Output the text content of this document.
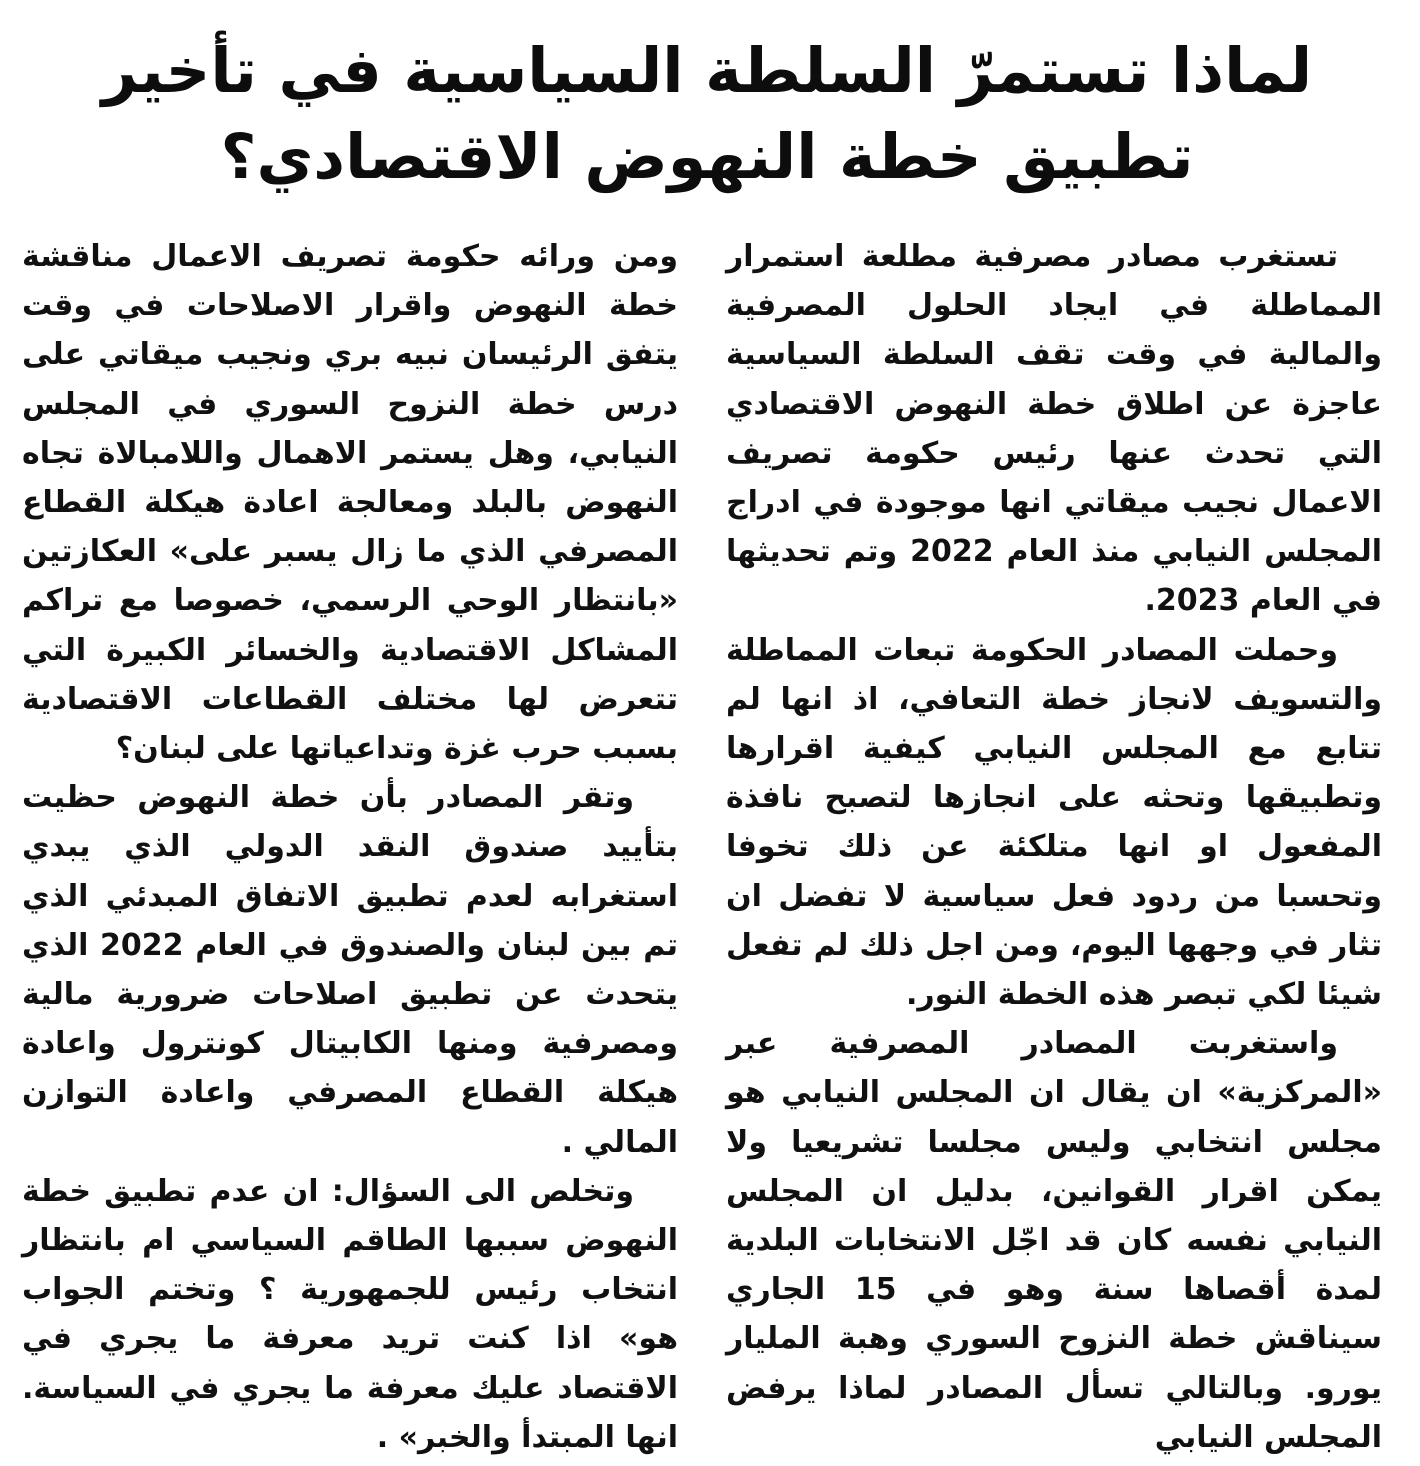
لماذا تستمرّ السلطة السياسية في تأخير
تطبيق خطة النهوض الاقتصادي؟

تستغرب مصادر مصرفية مطلعة استمرار المماطلة في ايجاد الحلول المصرفية والمالية في وقت تقف السلطة السياسية عاجزة عن اطلاق خطة النهوض الاقتصادي التي تحدث عنها رئيس حكومة تصريف الاعمال نجيب ميقاتي انها موجودة في ادراج المجلس النيابي منذ العام 2022 وتم تحديثها في العام 2023.

وحملت المصادر الحكومة تبعات المماطلة والتسويف لانجاز خطة التعافي، اذ انها لم تتابع مع المجلس النيابي كيفية اقرارها وتطبيقها وتحثه على انجازها لتصبح نافذة المفعول او انها متلكئة عن ذلك تخوفا وتحسبا من ردود فعل سياسية لا تفضل ان تثار في وجهها اليوم، ومن اجل ذلك لم تفعل شيئا لكي تبصر هذه الخطة النور.

واستغربت المصادر المصرفية عبر «المركزية» ان يقال ان المجلس النيابي هو مجلس انتخابي وليس مجلسا تشريعيا ولا يمكن اقرار القوانين، بدليل ان المجلس النيابي نفسه كان قد اجّل الانتخابات البلدية لمدة أقصاها سنة وهو في 15 الجاري سيناقش خطة النزوح السوري وهبة المليار يورو. وبالتالي تسأل المصادر لماذا يرفض المجلس النيابي

ومن ورائه حكومة تصريف الاعمال مناقشة خطة النهوض واقرار الاصلاحات في وقت يتفق الرئيسان نبيه بري ونجيب ميقاتي على درس خطة النزوح السوري في المجلس النيابي، وهل يستمر الاهمال واللامبالاة تجاه النهوض بالبلد ومعالجة اعادة هيكلة القطاع المصرفي الذي ما زال يسبر على» العكازتين «بانتظار الوحي الرسمي، خصوصا مع تراكم المشاكل الاقتصادية والخسائر الكبيرة التي تتعرض لها مختلف القطاعات الاقتصادية بسبب حرب غزة وتداعياتها على لبنان؟

وتقر المصادر بأن خطة النهوض حظيت بتأييد صندوق النقد الدولي الذي يبدي استغرابه لعدم تطبيق الاتفاق المبدئي الذي تم بين لبنان والصندوق في العام 2022 الذي يتحدث عن تطبيق اصلاحات ضرورية مالية ومصرفية ومنها الكابيتال كونترول واعادة هيكلة القطاع المصرفي واعادة التوازن المالي .

وتخلص الى السؤال: ان عدم تطبيق خطة النهوض سببها الطاقم السياسي ام بانتظار انتخاب رئيس للجمهورية ؟ وتختم الجواب هو» اذا كنت تريد معرفة ما يجري في الاقتصاد عليك معرفة ما يجري في السياسة. انها المبتدأ والخبر» .
